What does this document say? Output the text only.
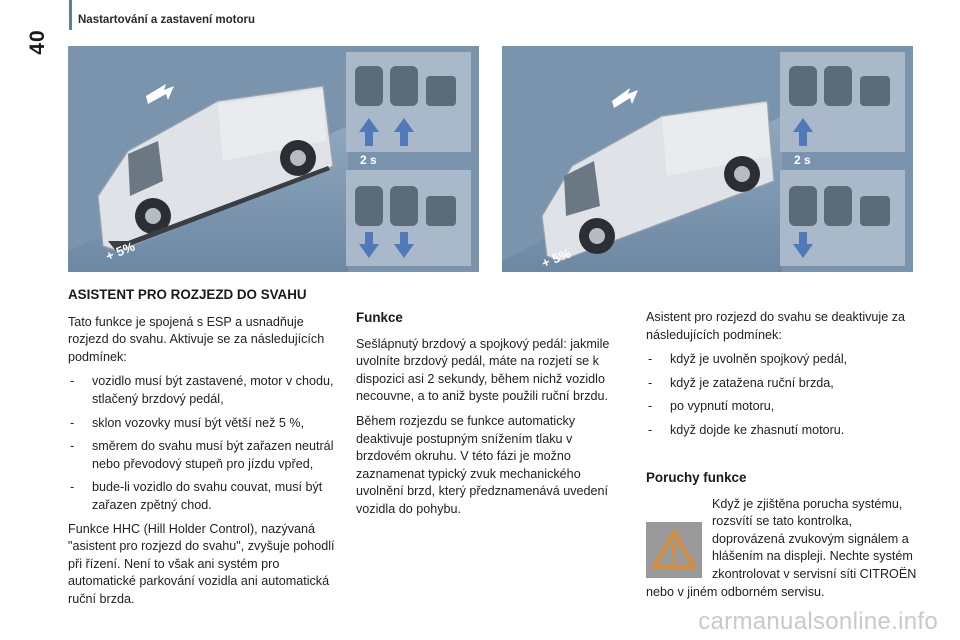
40
Nastartování a zastavení motoru
+ 5%
2 s
+ 5%
2 s
ASISTENT PRO ROZJEZD DO SVAHU

Tato funkce je spojená s ESP a usnadňuje rozjezd do svahu. Aktivuje se za následujících podmínek:

- vozidlo musí být zastavené, motor v chodu, stlačený brzdový pedál,
- sklon vozovky musí být větší než 5 %,
- směrem do svahu musí být zařazen neutrál nebo převodový stupeň pro jízdu vpřed,
- bude-li vozidlo do svahu couvat, musí být zařazen zpětný chod.

Funkce HHC (Hill Holder Control), nazývaná "asistent pro rozjezd do svahu", zvyšuje pohodlí při řízení. Není to však ani systém pro automatické parkování vozidla ani automatická ruční brzda.

Funkce

Sešlápnutý brzdový a spojkový pedál: jakmile uvolníte brzdový pedál, máte na rozjetí se k dispozici asi 2 sekundy, během nichž vozidlo necouvne, a to aniž byste použili ruční brzdu.

Během rozjezdu se funkce automaticky deaktivuje postupným snížením tlaku v brzdovém okruhu. V této fázi je možno zaznamenat typický zvuk mechanického uvolnění brzd, který předznamenává uvedení vozidla do pohybu.

Asistent pro rozjezd do svahu se deaktivuje za následujících podmínek:

- když je uvolněn spojkový pedál,
- když je zatažena ruční brzda,
- po vypnutí motoru,
- když dojde ke zhasnutí motoru.
Poruchy funkce

Když je zjištěna porucha systému, rozsvítí se tato kontrolka, doprovázená zvukovým signálem a hlášením na displeji. Nechte systém zkontrolovat v servisní síti CITROËN nebo v jiném odborném servisu.

carmanualsonline.info
